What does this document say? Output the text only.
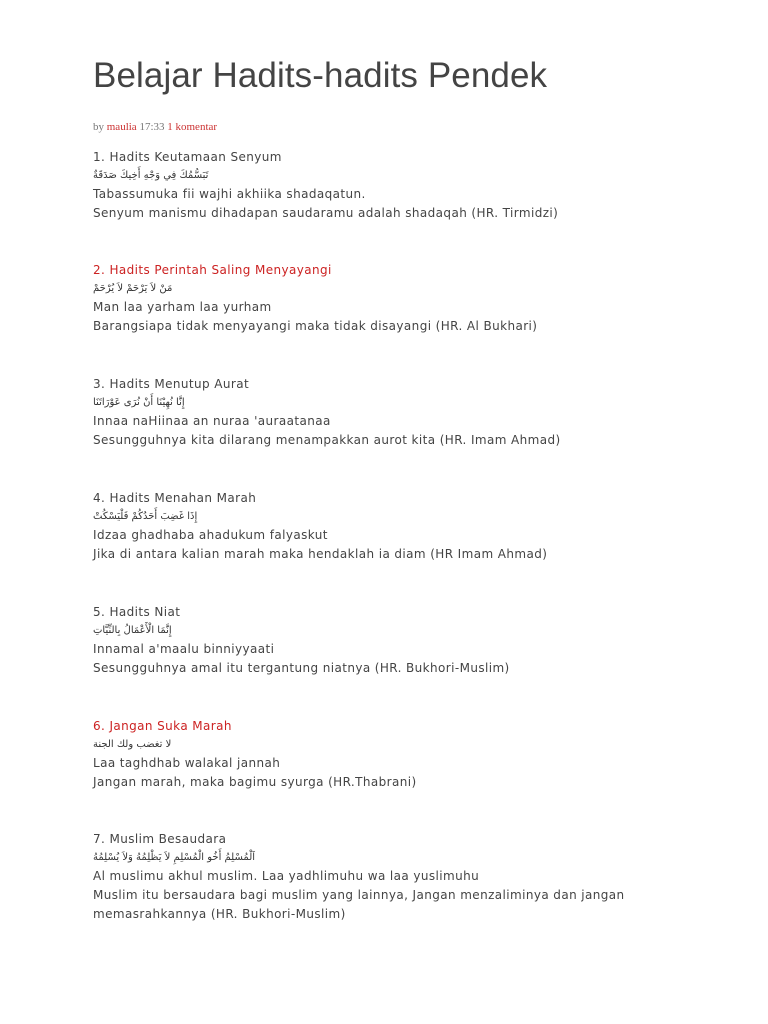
Belajar Hadits-hadits Pendek
by maulia 17:33 1 komentar
1. Hadits Keutamaan Senyum
تَبَسُّمُكَ فِي وَجْهِ أَخِيكَ صَدَقَةٌ
Tabassumuka fii wajhi akhiika shadaqatun.
Senyum manismu dihadapan saudaramu adalah shadaqah (HR. Tirmidzi)
2. Hadits Perintah Saling Menyayangi
مَنْ لاَ يَرْحَمْ لاَ يُرْحَمْ
Man laa yarham laa yurham
Barangsiapa tidak menyayangi maka tidak disayangi (HR. Al Bukhari)
3. Hadits Menutup Aurat
إِنَّا نُهِيْنَا أَنْ نُرَى عَوْرَاتَنَا
Innaa naHiinaa an nuraa 'auraatanaa
Sesungguhnya kita dilarang menampakkan aurot kita (HR. Imam Ahmad)
4. Hadits Menahan Marah
إِذَا غَضِبَ أَحَدُكُمْ فَلْيَسْكُتْ
Idzaa ghadhaba ahadukum falyaskut
Jika di antara kalian marah maka hendaklah ia diam (HR Imam Ahmad)
5. Hadits Niat
إِنَّمَا الْأَعْمَالُ بِالنِّيَّاتِ
Innamal a'maalu binniyyaati
Sesungguhnya amal itu tergantung niatnya (HR. Bukhori-Muslim)
6. Jangan Suka Marah
لا تغضب ولك الجنة
Laa taghdhab walakal jannah
Jangan marah, maka bagimu syurga (HR.Thabrani)
7. Muslim Besaudara
اَلْمُسْلِمُ أَخُو الْمُسْلِمِ لاَ يَظْلِمُهُ وَلاَ يُسْلِمُهُ
Al muslimu akhul muslim. Laa yadhlimuhu wa laa yuslimuhu
Muslim itu bersaudara bagi muslim yang lainnya, Jangan menzaliminya dan jangan memasrahkannya (HR. Bukhori-Muslim)
